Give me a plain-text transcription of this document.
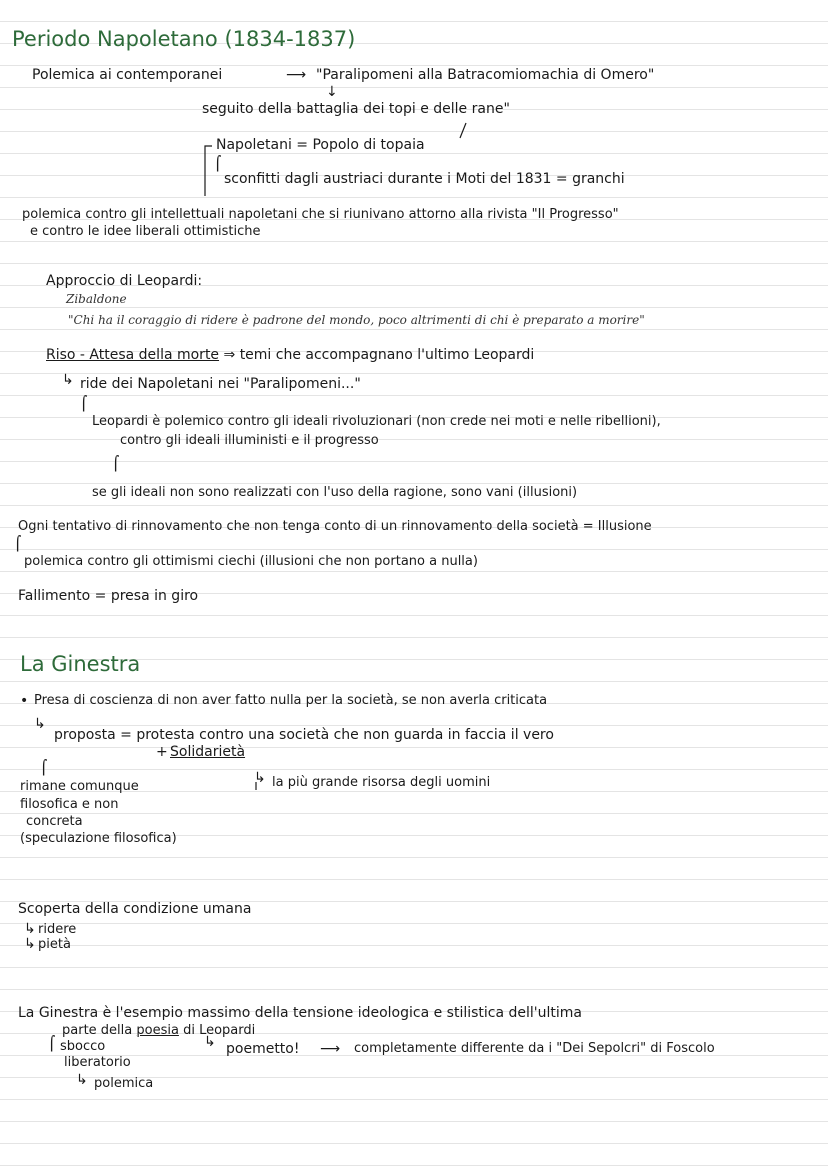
Periodo Napoletano (1834-1837)
Polemica ai contemporanei	⟶ "Paralipomeni alla Batracomiomachia di Omero"
↓
seguito della battaglia dei topi e delle rane"
Napoletani = Popolo di topaia
⌠
sconfitti dagli austriaci durante i Moti del 1831 = granchi
polemica contro gli intellettuali napoletani che si riunivano attorno alla rivista "Il Progresso"
e contro le idee liberali ottimistiche
Approccio di Leopardi:
Zibaldone
"Chi ha il coraggio di ridere è padrone del mondo, poco altrimenti di chi è preparato a morire"
Riso - Attesa della morte ⇒ temi che accompagnano l'ultimo Leopardi
↳ ride dei Napoletani nei "Paralipomeni..."
⌠
Leopardi è polemico contro gli ideali rivoluzionari (non crede nei moti e nelle ribellioni),
contro gli ideali illuministi e il progresso
⌠
se gli ideali non sono realizzati con l'uso della ragione, sono vani (illusioni)
Ogni tentativo di rinnovamento che non tenga conto di un rinnovamento della società = Illusione
⌠
polemica contro gli ottimismi ciechi (illusioni che non portano a nulla)
Fallimento = presa in giro
La Ginestra
• Presa di coscienza di non aver fatto nulla per la società, se non averla criticata
↳
proposta = protesta contro una società che non guarda in faccia il vero
+ Solidarietà
↳ la più grande risorsa degli uomini
⌠
rimane comunque
filosofica e non
concreta
(speculazione filosofica)
Scoperta della condizione umana
↳ ridere
↳ pietà
La Ginestra è l'esempio massimo della tensione ideologica e stilistica dell'ultima
parte della poesia di Leopardi
⌠ sbocco
liberatorio
↳ poemetto! ⟶ completamente differente da i "Dei Sepolcri" di Foscolo
↳ polemica
